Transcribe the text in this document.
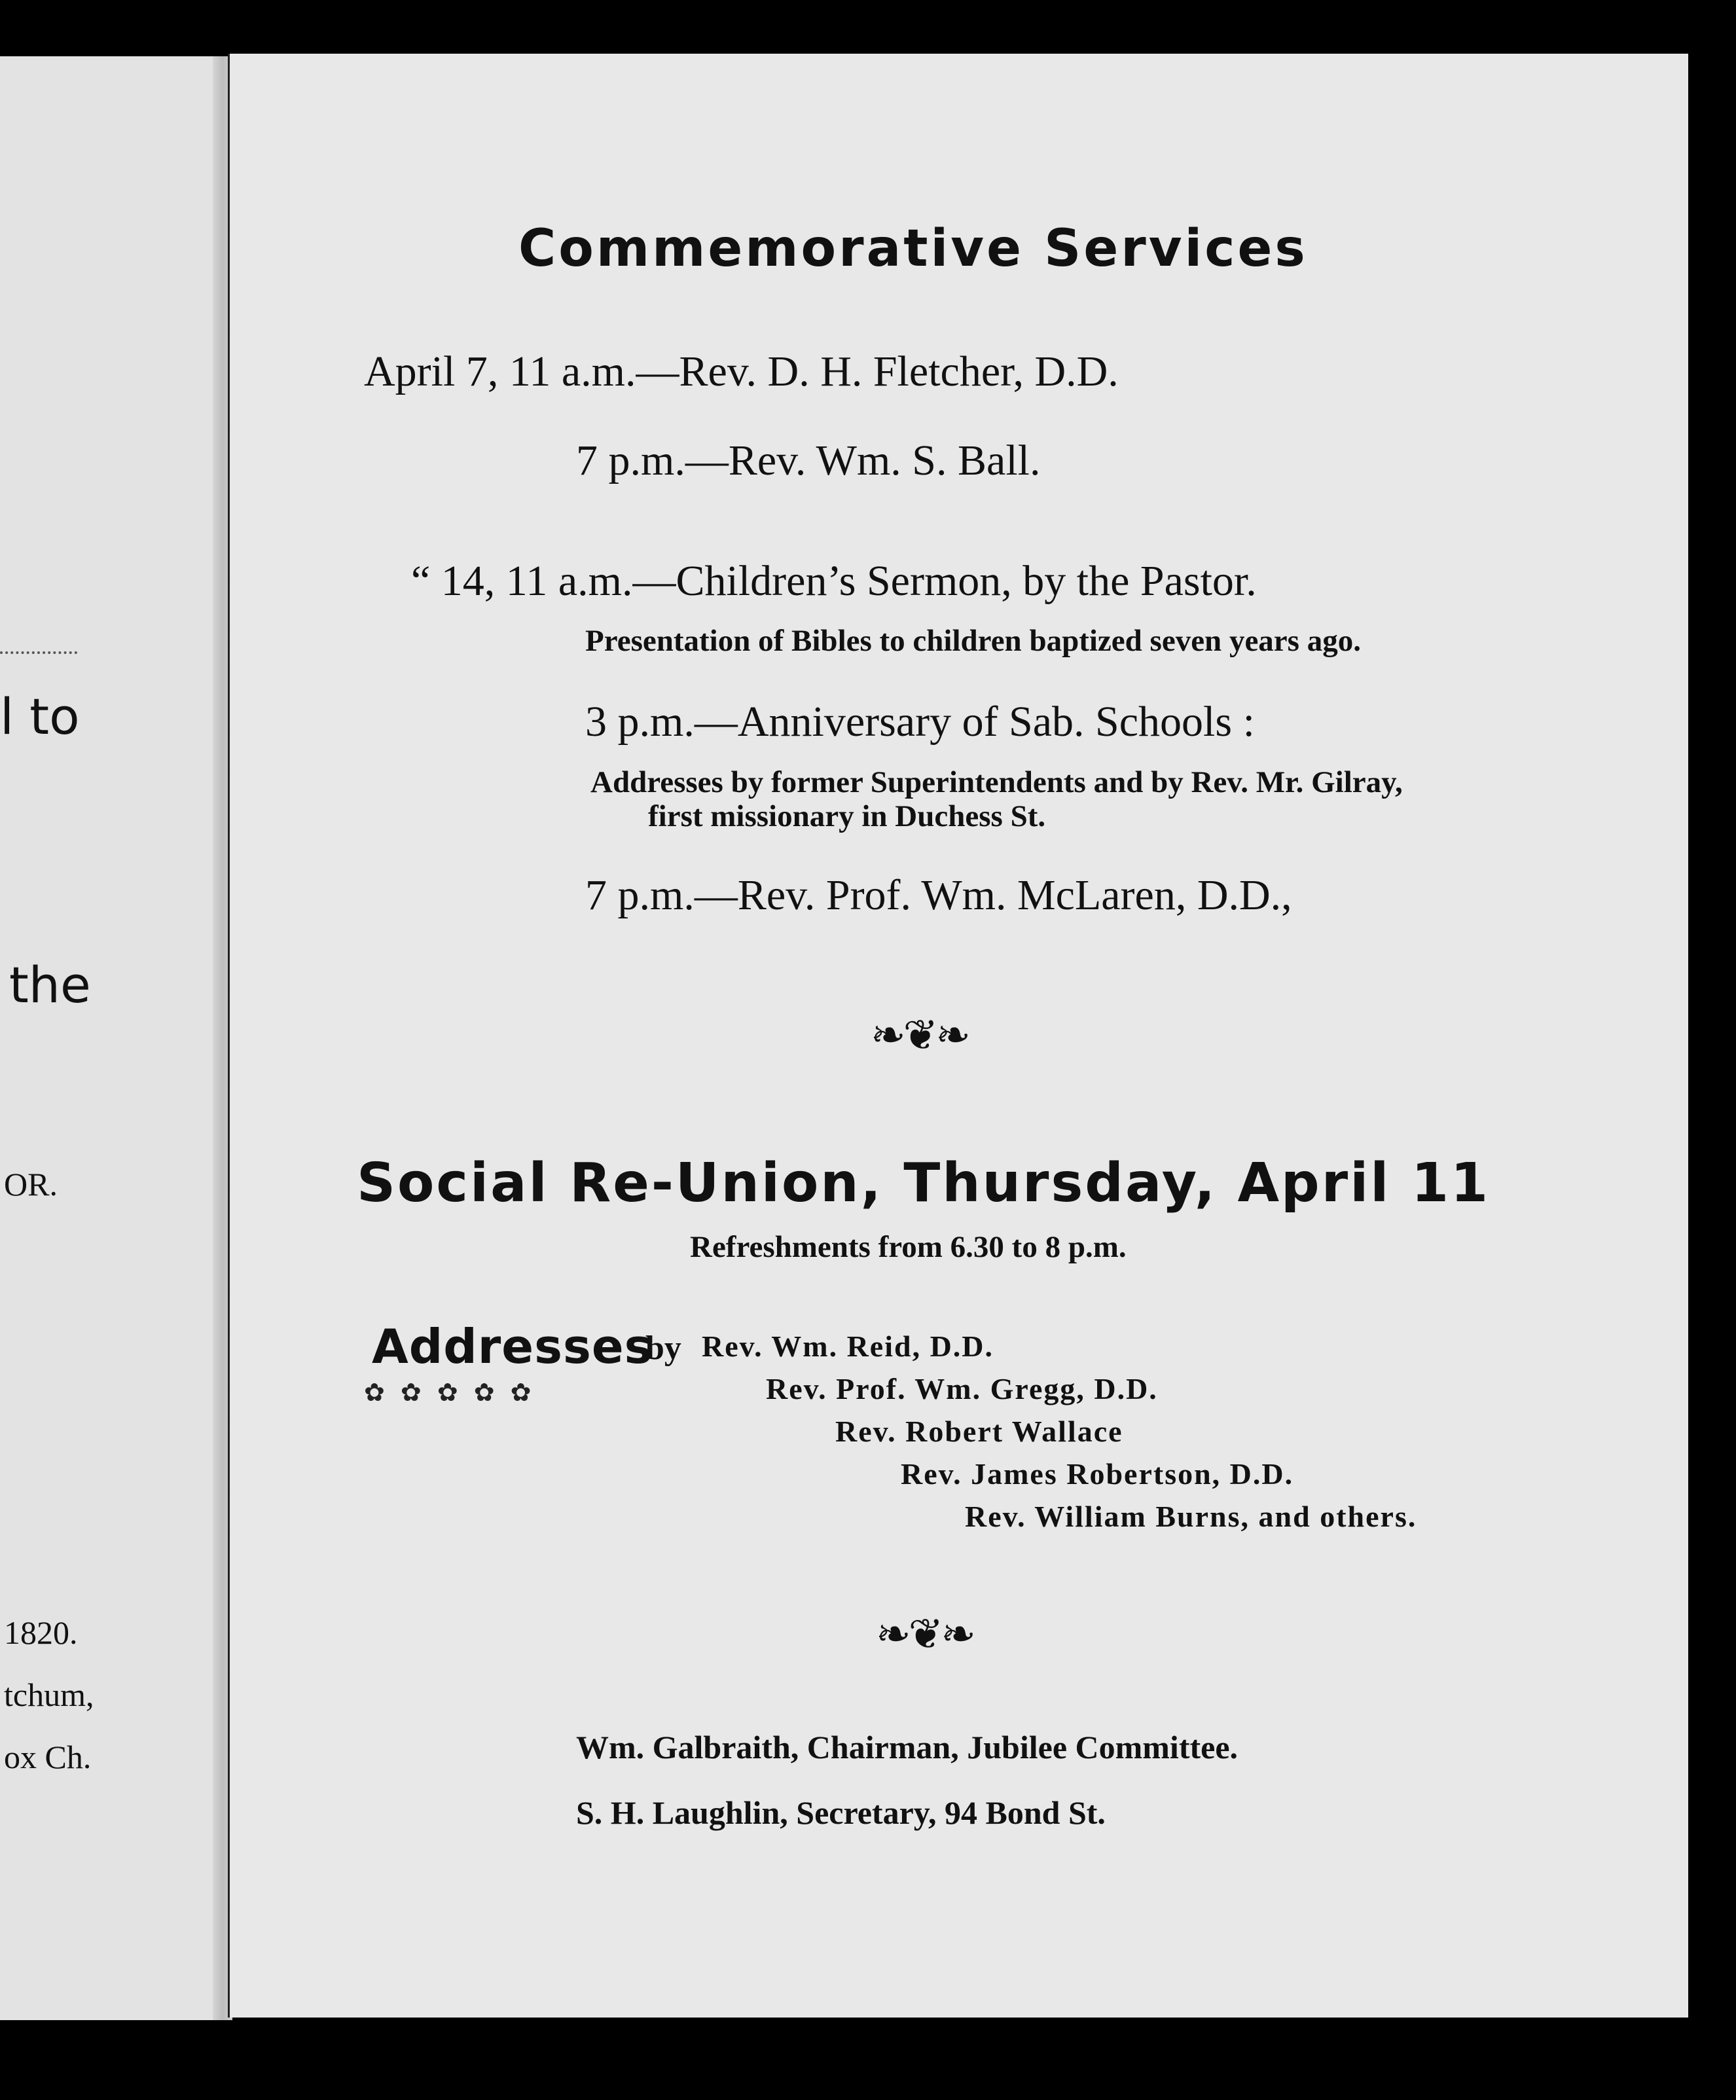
l to
the
OR.
1820.
tchum,
ox Ch.
Commemorative Services
April 7, 11 a.m.—Rev. D. H. Fletcher, D.D.
7 p.m.—Rev. Wm. S. Ball.
“ 14, 11 a.m.—Children’s Sermon, by the Pastor.
Presentation of Bibles to children baptized seven years ago.
3 p.m.—Anniversary of Sab. Schools :
Addresses by former Superintendents and by Rev. Mr. Gilray,
first missionary in Duchess St.
7 p.m.—Rev. Prof. Wm. McLaren, D.D.,
❧❦❧
Social Re-Union, Thursday, April 11
Refreshments from 6.30 to 8 p.m.
Addresses
by
✿ ✿ ✿ ✿ ✿
Rev. Wm. Reid, D.D.
Rev. Prof. Wm. Gregg, D.D.
Rev. Robert Wallace
Rev. James Robertson, D.D.
Rev. William Burns, and others.
❧❦❧
Wm. Galbraith, Chairman, Jubilee Committee.
S. H. Laughlin, Secretary, 94 Bond St.
